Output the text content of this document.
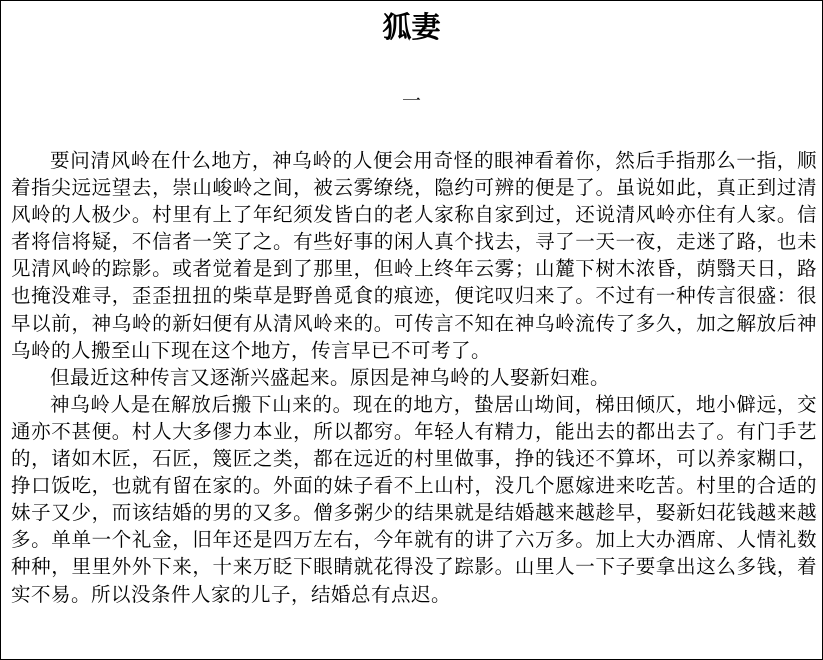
狐妻
一

要问清风岭在什么地方，神乌岭的人便会用奇怪的眼神看着你，然后手指那么一指，顺着指尖远远望去，崇山峻岭之间，被云雾缭绕，隐约可辨的便是了。虽说如此，真正到过清风岭的人极少。村里有上了年纪须发皆白的老人家称自家到过，还说清风岭亦住有人家。信者将信将疑，不信者一笑了之。有些好事的闲人真个找去，寻了一天一夜，走迷了路，也未见清风岭的踪影。或者觉着是到了那里，但岭上终年云雾；山麓下树木浓昏，荫翳天日，路也掩没难寻，歪歪扭扭的柴草是野兽觅食的痕迹，便诧叹归来了。不过有一种传言很盛：很早以前，神乌岭的新妇便有从清风岭来的。可传言不知在神乌岭流传了多久，加之解放后神乌岭的人搬至山下现在这个地方，传言早已不可考了。

但最近这种传言又逐渐兴盛起来。原因是神乌岭的人娶新妇难。

神乌岭人是在解放后搬下山来的。现在的地方，蛰居山坳间，梯田倾仄，地小僻远，交通亦不甚便。村人大多僇力本业，所以都穷。年轻人有精力，能出去的都出去了。有门手艺的，诸如木匠，石匠，篾匠之类，都在远近的村里做事，挣的钱还不算坏，可以养家糊口，挣口饭吃，也就有留在家的。外面的妹子看不上山村，没几个愿嫁进来吃苦。村里的合适的妹子又少，而该结婚的男的又多。僧多粥少的结果就是结婚越来越趁早，娶新妇花钱越来越多。单单一个礼金，旧年还是四万左右，今年就有的讲了六万多。加上大办酒席、人情礼数种种，里里外外下来，十来万眨下眼睛就花得没了踪影。山里人一下子要拿出这么多钱，着实不易。所以没条件人家的儿子，结婚总有点迟。
